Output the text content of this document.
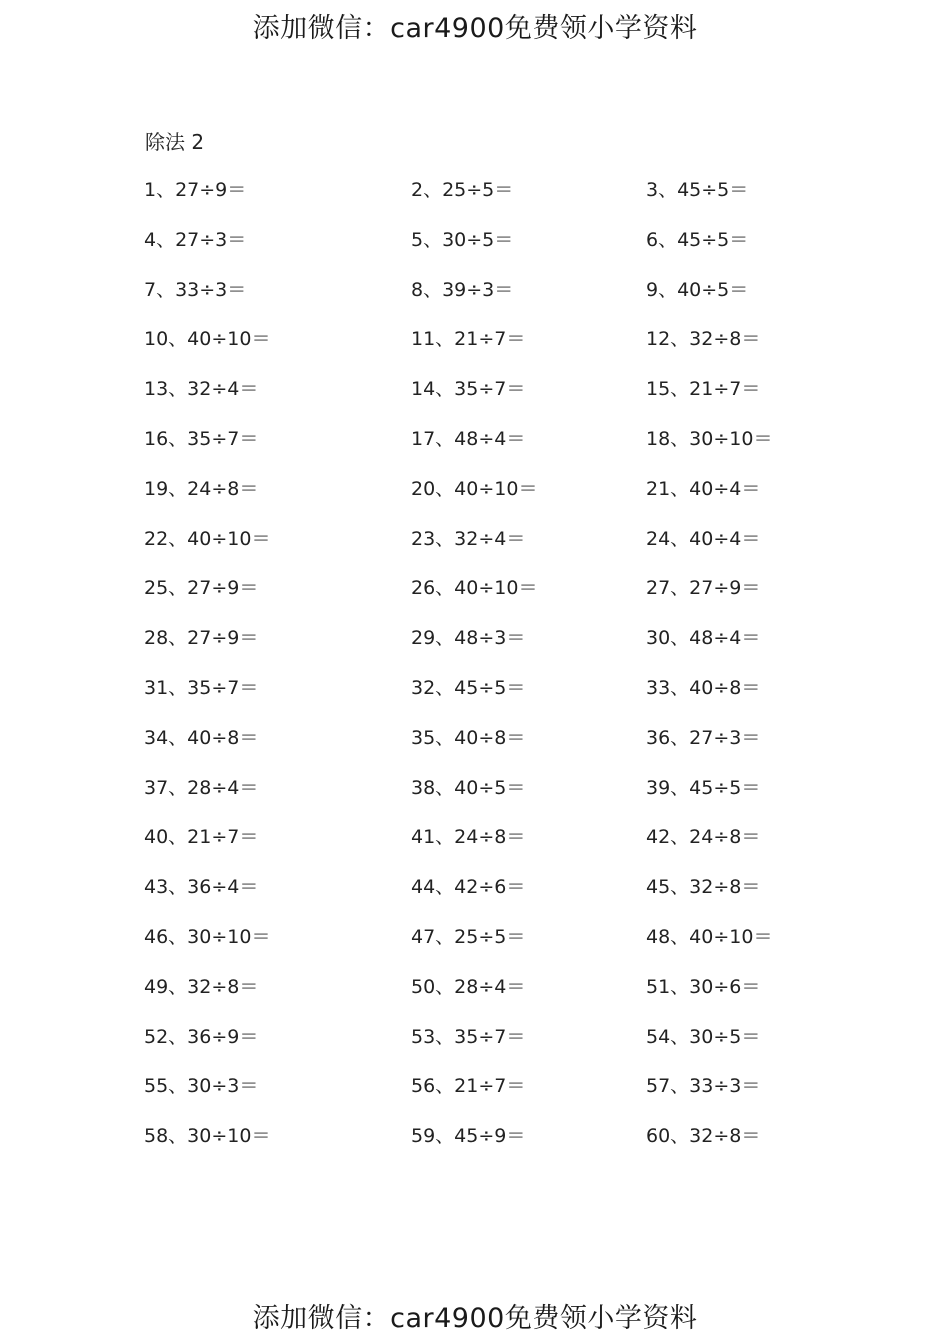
添加微信：car4900免费领小学资料
除法 2
1、27÷9＝	2、25÷5＝	3、45÷5＝
4、27÷3＝	5、30÷5＝	6、45÷5＝
7、33÷3＝	8、39÷3＝	9、40÷5＝
10、40÷10＝	11、21÷7＝	12、32÷8＝
13、32÷4＝	14、35÷7＝	15、21÷7＝
16、35÷7＝	17、48÷4＝	18、30÷10＝
19、24÷8＝	20、40÷10＝	21、40÷4＝
22、40÷10＝	23、32÷4＝	24、40÷4＝
25、27÷9＝	26、40÷10＝	27、27÷9＝
28、27÷9＝	29、48÷3＝	30、48÷4＝
31、35÷7＝	32、45÷5＝	33、40÷8＝
34、40÷8＝	35、40÷8＝	36、27÷3＝
37、28÷4＝	38、40÷5＝	39、45÷5＝
40、21÷7＝	41、24÷8＝	42、24÷8＝
43、36÷4＝	44、42÷6＝	45、32÷8＝
46、30÷10＝	47、25÷5＝	48、40÷10＝
49、32÷8＝	50、28÷4＝	51、30÷6＝
52、36÷9＝	53、35÷7＝	54、30÷5＝
55、30÷3＝	56、21÷7＝	57、33÷3＝
58、30÷10＝	59、45÷9＝	60、32÷8＝
添加微信：car4900免费领小学资料
